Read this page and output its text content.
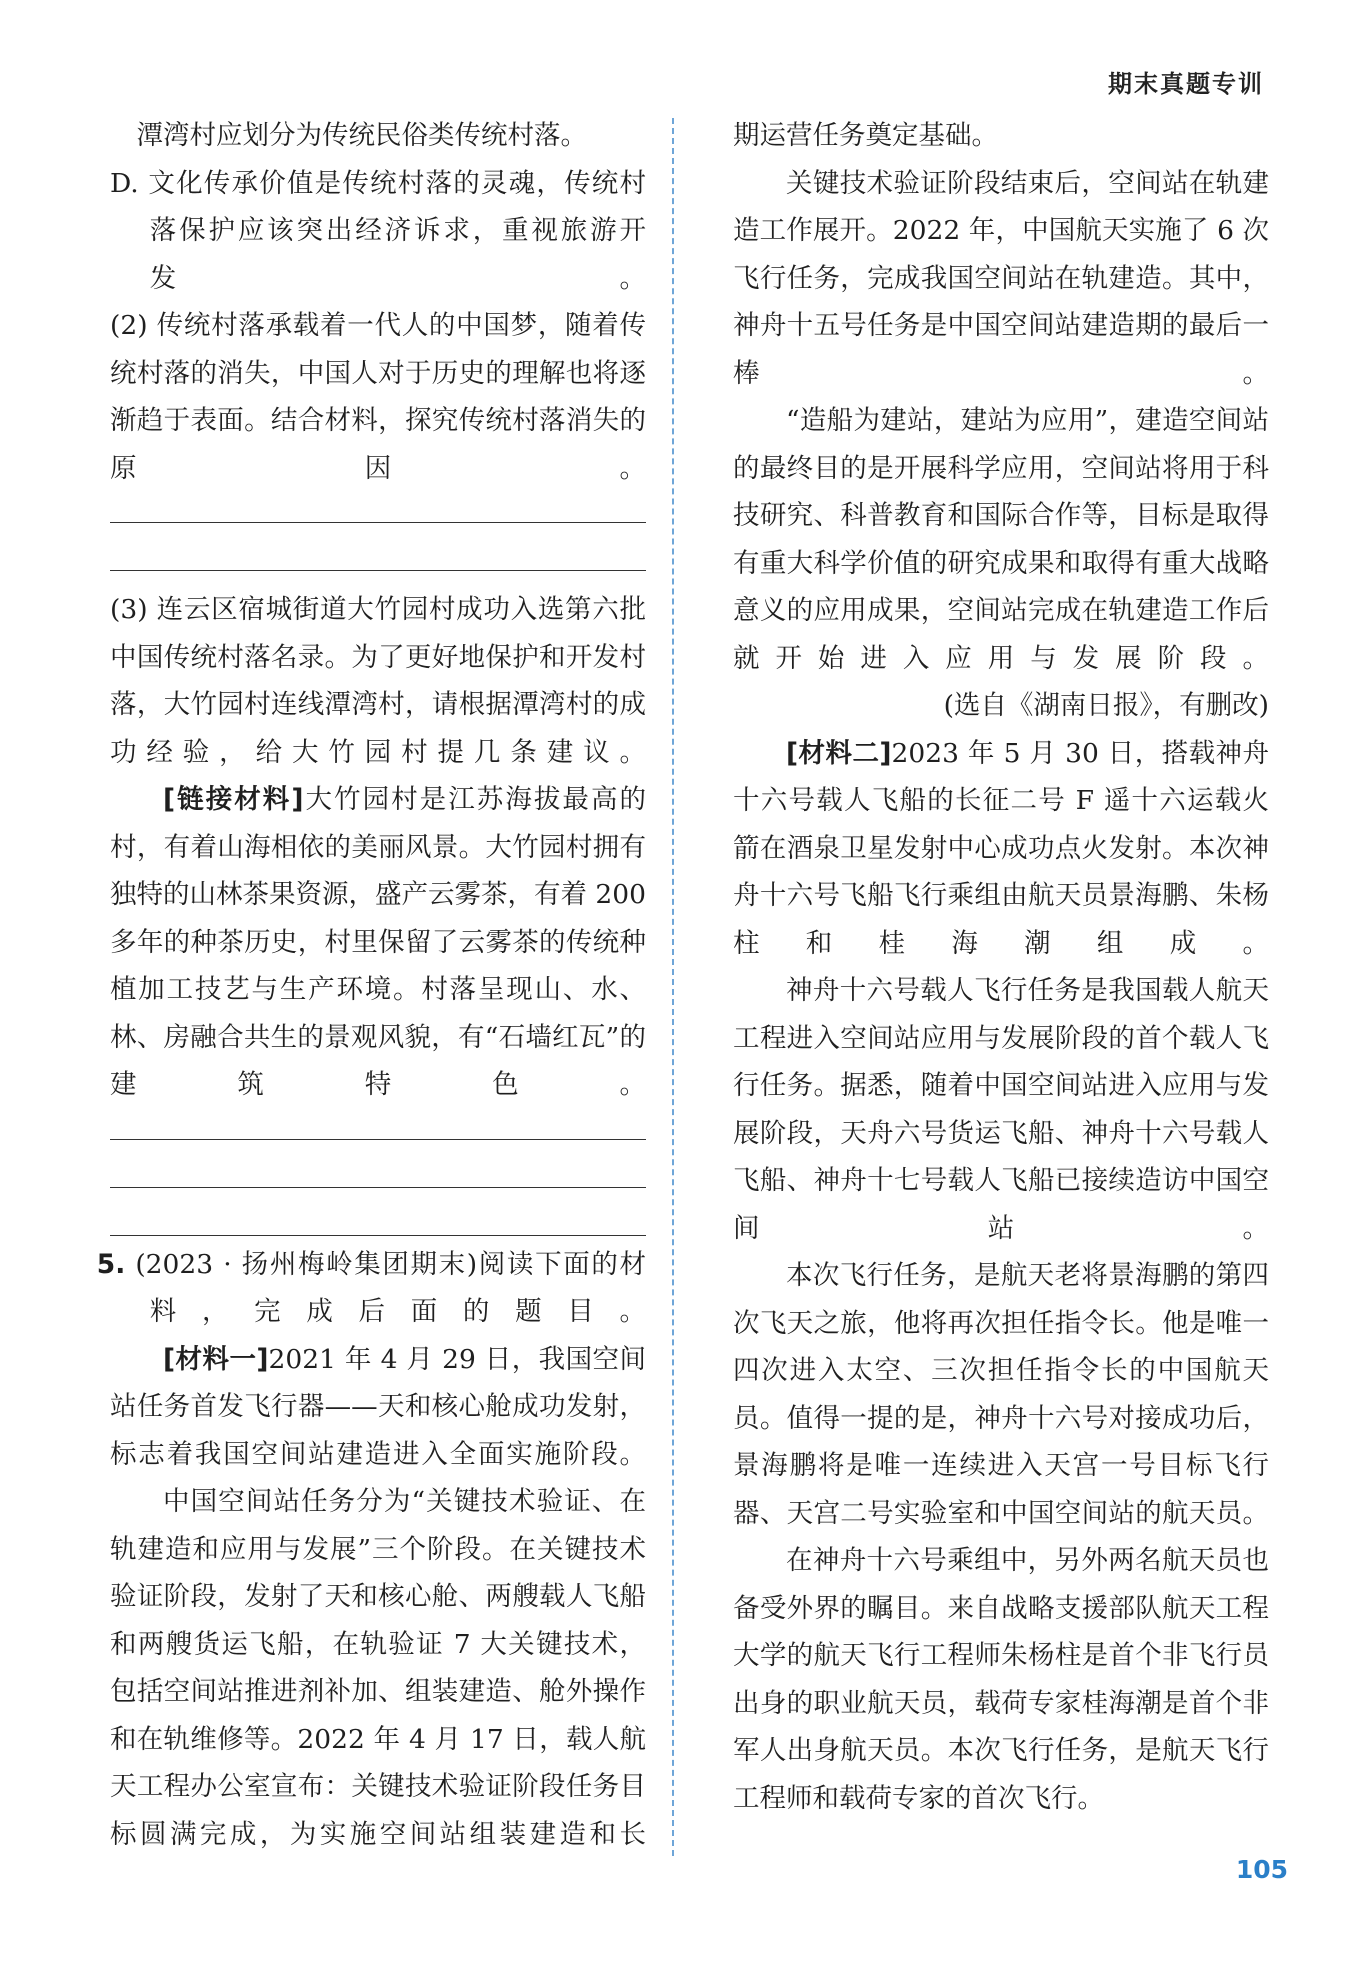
期末真题专训

潭湾村应划分为传统民俗类传统村落。

D. 文化传承价值是传统村落的灵魂，传统村落保护应该突出经济诉求，重视旅游开发。

(2) 传统村落承载着一代人的中国梦，随着传统村落的消失，中国人对于历史的理解也将逐渐趋于表面。结合材料，探究传统村落消失的原因。

(3) 连云区宿城街道大竹园村成功入选第六批中国传统村落名录。为了更好地保护和开发村落，大竹园村连线潭湾村，请根据潭湾村的成功经验，给大竹园村提几条建议。

[链接材料]大竹园村是江苏海拔最高的村，有着山海相依的美丽风景。大竹园村拥有独特的山林茶果资源，盛产云雾茶，有着 200 多年的种茶历史，村里保留了云雾茶的传统种植加工技艺与生产环境。村落呈现山、水、林、房融合共生的景观风貌，有“石墙红瓦”的建筑特色。

5. (2023 · 扬州梅岭集团期末)阅读下面的材料，完成后面的题目。

[材料一]2021 年 4 月 29 日，我国空间站任务首发飞行器——天和核心舱成功发射，标志着我国空间站建造进入全面实施阶段。

中国空间站任务分为“关键技术验证、在轨建造和应用与发展”三个阶段。在关键技术验证阶段，发射了天和核心舱、两艘载人飞船和两艘货运飞船，在轨验证 7 大关键技术，包括空间站推进剂补加、组装建造、舱外操作和在轨维修等。2022 年 4 月 17 日，载人航天工程办公室宣布：关键技术验证阶段任务目标圆满完成，为实施空间站组装建造和长

期运营任务奠定基础。

关键技术验证阶段结束后，空间站在轨建造工作展开。2022 年，中国航天实施了 6 次飞行任务，完成我国空间站在轨建造。其中，神舟十五号任务是中国空间站建造期的最后一棒。

“造船为建站，建站为应用”，建造空间站的最终目的是开展科学应用，空间站将用于科技研究、科普教育和国际合作等，目标是取得有重大科学价值的研究成果和取得有重大战略意义的应用成果，空间站完成在轨建造工作后就开始进入应用与发展阶段。

(选自《湖南日报》，有删改)

[材料二]2023 年 5 月 30 日，搭载神舟十六号载人飞船的长征二号 F 遥十六运载火箭在酒泉卫星发射中心成功点火发射。本次神舟十六号飞船飞行乘组由航天员景海鹏、朱杨柱和桂海潮组成。

神舟十六号载人飞行任务是我国载人航天工程进入空间站应用与发展阶段的首个载人飞行任务。据悉，随着中国空间站进入应用与发展阶段，天舟六号货运飞船、神舟十六号载人飞船、神舟十七号载人飞船已接续造访中国空间站。

本次飞行任务，是航天老将景海鹏的第四次飞天之旅，他将再次担任指令长。他是唯一四次进入太空、三次担任指令长的中国航天员。值得一提的是，神舟十六号对接成功后，景海鹏将是唯一连续进入天宫一号目标飞行器、天宫二号实验室和中国空间站的航天员。

在神舟十六号乘组中，另外两名航天员也备受外界的瞩目。来自战略支援部队航天工程大学的航天飞行工程师朱杨柱是首个非飞行员出身的职业航天员，载荷专家桂海潮是首个非军人出身航天员。本次飞行任务，是航天飞行工程师和载荷专家的首次飞行。

105
